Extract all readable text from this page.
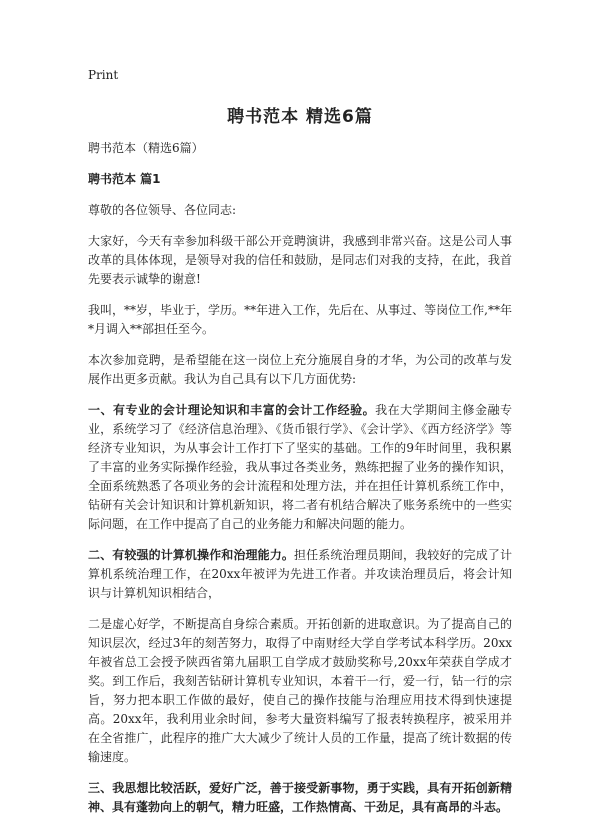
Print
聘书范本 精选6篇

聘书范本（精选6篇）

聘书范本 篇1

尊敬的各位领导、各位同志:

大家好，今天有幸参加科级干部公开竞聘演讲，我感到非常兴奋。这是公司人事改革的具体体现，是领导对我的信任和鼓励，是同志们对我的支持，在此，我首先要表示诚挚的谢意!

我叫，**岁，毕业于，学历。**年进入工作，先后在、从事过、等岗位工作,**年*月调入**部担任至今。

本次参加竞聘，是希望能在这一岗位上充分施展自身的才华，为公司的改革与发展作出更多贡献。我认为自己具有以下几方面优势:

一、有专业的会计理论知识和丰富的会计工作经验。我在大学期间主修金融专业，系统学习了《经济信息治理》、《货币银行学》、《会计学》、《西方经济学》等经济专业知识，为从事会计工作打下了坚实的基础。工作的9年时间里，我积累了丰富的业务实际操作经验，我从事过各类业务，熟练把握了业务的操作知识，全面系统熟悉了各项业务的会计流程和处理方法，并在担任计算机系统工作中，钻研有关会计知识和计算机新知识，将二者有机结合解决了账务系统中的一些实际问题，在工作中提高了自己的业务能力和解决问题的能力。

二、有较强的计算机操作和治理能力。担任系统治理员期间，我较好的完成了计算机系统治理工作，在20xx年被评为先进工作者。并攻读治理员后，将会计知识与计算机知识相结合，

二是虚心好学，不断提高自身综合素质。开拓创新的进取意识。为了提高自己的知识层次，经过3年的刻苦努力，取得了中南财经大学自学考试本科学历。20xx年被省总工会授予陕西省第九届职工自学成才鼓励奖称号,20xx年荣获自学成才奖。到工作后，我刻苦钻研计算机专业知识，本着干一行，爱一行，钻一行的宗旨，努力把本职工作做的最好，使自己的操作技能与治理应用技术得到快速提高。20xx年，我利用业余时间，参考大量资料编写了报表转换程序，被采用并在全省推广，此程序的推广大大减少了统计人员的工作量，提高了统计数据的传输速度。

三、我思想比较活跃，爱好广泛，善于接受新事物，勇于实践，具有开拓创新精神、具有蓬勃向上的朝气，精力旺盛，工作热情高、干劲足，具有高昂的斗志。
